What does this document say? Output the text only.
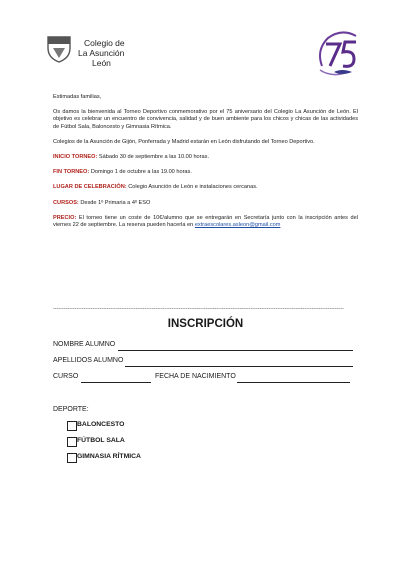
Colegio de
La Asunción
León

Estimadas familias,

Os damos la bienvenida al Torneo Deportivo conmemorativo por el 75 aniversario del Colegio La Asunción de León. El objetivo es celebrar un encuentro de convivencia, salidad y de buen ambiente para los chicos y chicas de las actividades de Fútbol Sala, Baloncesto y Gimnasia Rítmica.

Colegios de la Asunción de Gijón, Ponferrada y Madrid estarán en León disfrutando del Torneo Deportivo.

INICIO TORNEO: Sábado 30 de septiembre a las 10.00 horas.

FIN TORNEO: Domingo 1 de octubre a las 19.00 horas.

LUGAR DE CELEBRACIÓN: Colegio Asunción de León e instalaciones cercanas.

CURSOS: Desde 1º Primaria a 4º ESO

PRECIO: El torneo tiene un coste de 10€/alumno que se entregarán en Secretaría junto con la inscripción antes del viernes 22 de septiembre. La reserva pueden hacerla en extraescolares.asleon@gmail.com

------------------------------------------------------------------------------------------------------------------------------------------------------------------
INSCRIPCIÓN
NOMBRE ALUMNO
APELLIDOS ALUMNO
CURSO	FECHA DE NACIMIENTO
DEPORTE:
BALONCESTO
FÚTBOL SALA
GIMNASIA RÍTMICA
